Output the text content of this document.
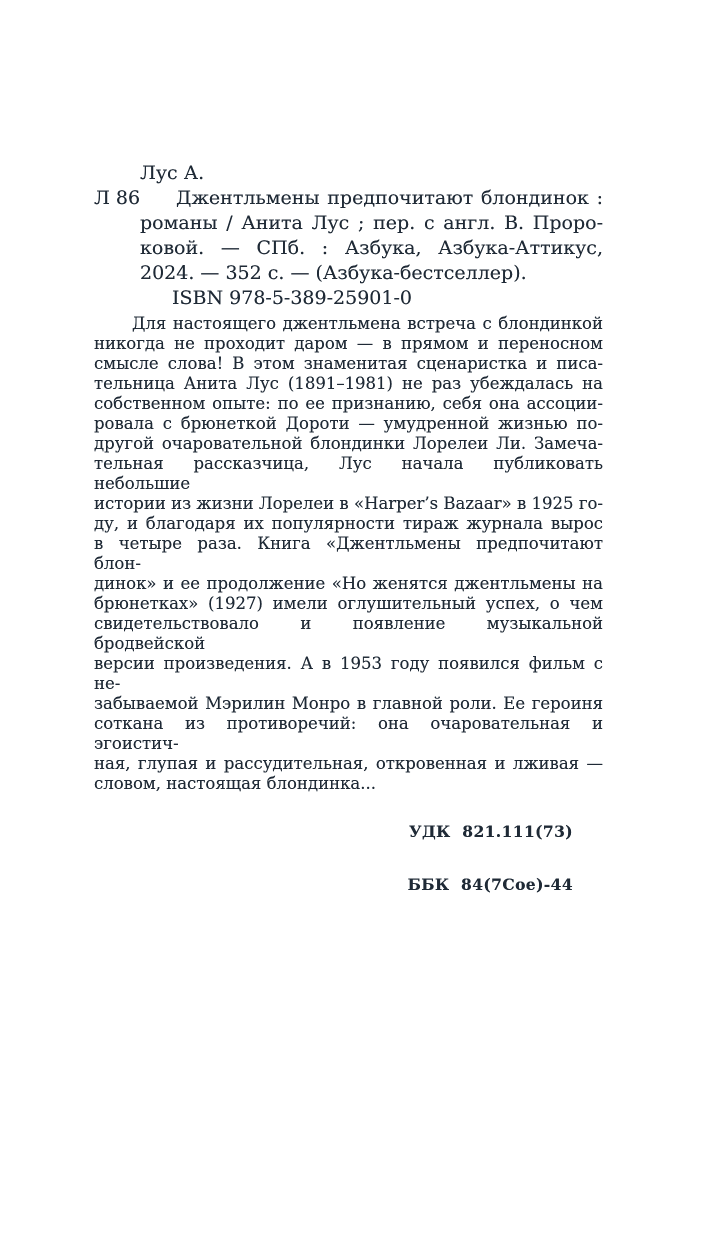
Л 86
Лус А.
Джентльмены предпочитают блондинок :
романы / Анита Лус ; пер. с англ. В. Проро-
ковой. — СПб. : Азбука, Азбука-Аттикус,
2024. — 352 с. — (Азбука-бестселлер).
ISBN 978-5-389-25901-0
Для настоящего джентльмена встреча с блондинкой
никогда не проходит даром — в прямом и переносном
смысле слова! В этом знаменитая сценаристка и писа-
тельница Анита Лус (1891–1981) не раз убеждалась на
собственном опыте: по ее признанию, себя она ассоции-
ровала с брюнеткой Дороти — умудренной жизнью по-
другой очаровательной блондинки Лорелеи Ли. Замеча-
тельная рассказчица, Лус начала публиковать небольшие
истории из жизни Лорелеи в «Harper’s Bazaar» в 1925 го-
ду, и благодаря их популярности тираж журнала вырос
в четыре раза. Книга «Джентльмены предпочитают блон-
динок» и ее продолжение «Но женятся джентльмены на
брюнетках» (1927) имели оглушительный успех, о чем
свидетельствовало и появление музыкальной бродвейской
версии произведения. А в 1953 году появился фильм с не-
забываемой Мэрилин Монро в главной роли. Ее героиня
соткана из противоречий: она очаровательная и эгоистич-
ная, глупая и рассудительная, откровенная и лживая —
словом, настоящая блондинка...

УДК  821.111(73)

ББК  84(7Сое)-44
